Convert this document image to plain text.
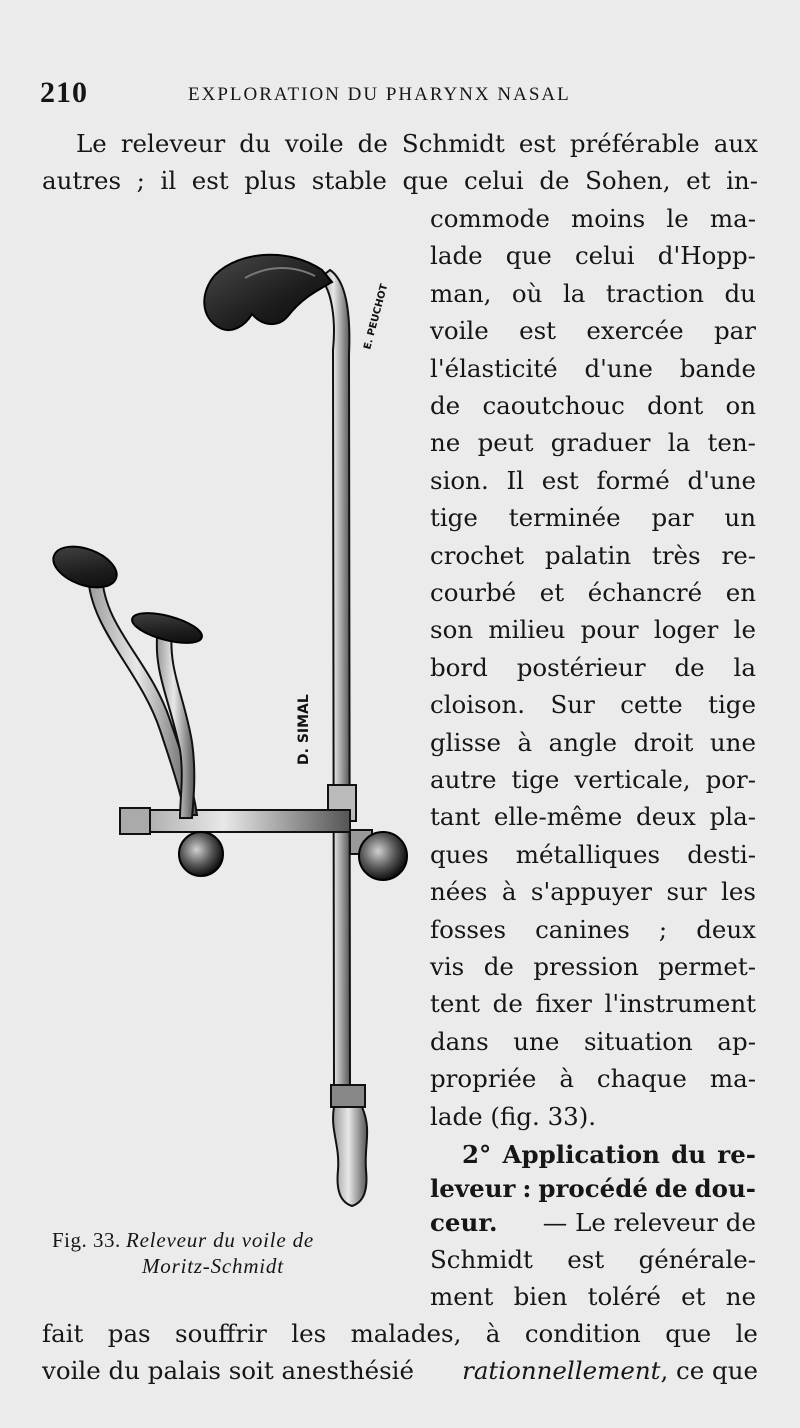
210	EXPLORATION DU PHARYNX NASAL
Le releveur du voile de Schmidt est préférable aux
autres ; il est plus stable que celui de Sohen, et in-
commode moins le ma-
lade que celui d'Hopp-
man, où la traction du
voile est exercée par
l'élasticité d'une bande
de caoutchouc dont on
ne peut graduer la ten-
sion. Il est formé d'une
tige terminée par un
crochet palatin très re-
courbé et échancré en
son milieu pour loger le
bord postérieur de la
cloison. Sur cette tige
glisse à angle droit une
autre tige verticale, por-
tant elle-même deux pla-
ques métalliques desti-
nées à s'appuyer sur les
fosses canines ; deux
vis de pression permet-
tent de fixer l'instrument
dans une situation ap-
propriée à chaque ma-
lade (fig. 33).
2° Application du re-
leveur : procédé de dou-
ceur. — Le releveur de
Schmidt est générale-
ment bien toléré et ne
fait pas souffrir les malades, à condition que le
voile du palais soit anesthésié rationnellement, ce que
E. PEUCHOT
D. SIMAL
Fig. 33. Releveur du voile de
Moritz-Schmidt
